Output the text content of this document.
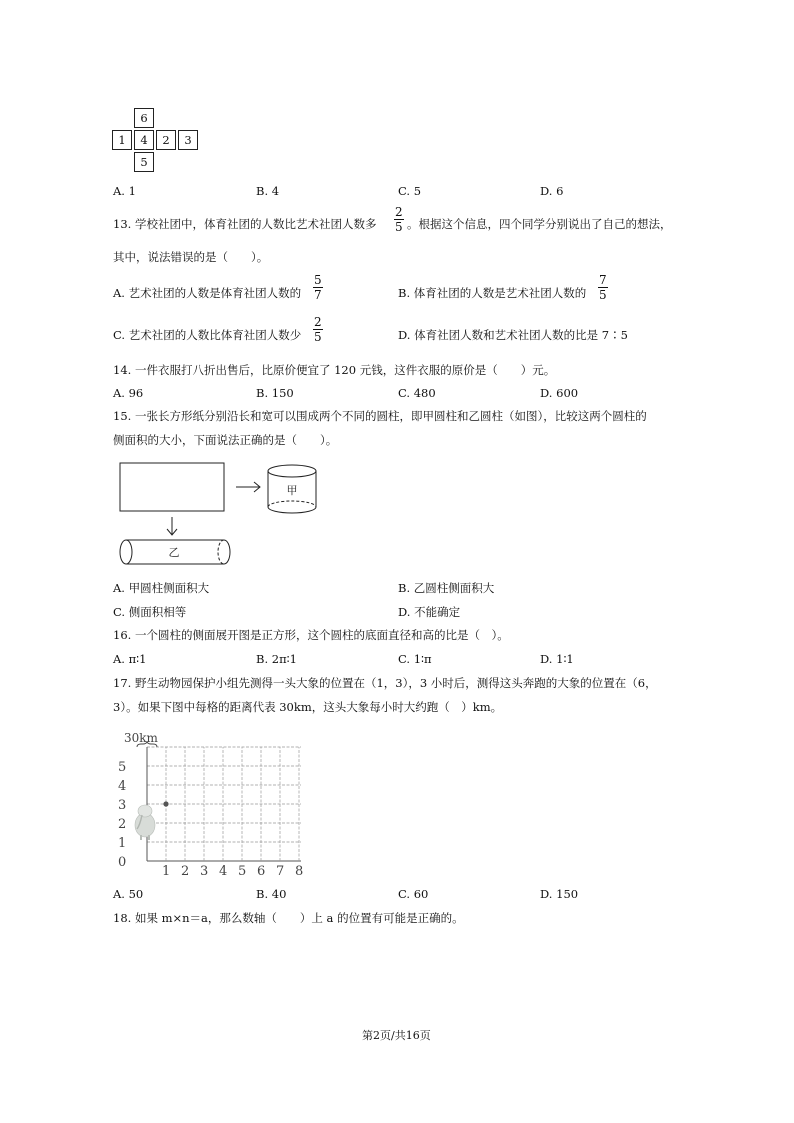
6
1	4	2	3
5
A. 1	B. 4	C. 5	D. 6
13. 学校社团中，体育社团的人数比艺术社团人数多 $\frac{2}{5}$ 。根据这个信息，四个同学分别说出了自己的想法，
其中，说法错误的是（　　）。
A. 艺术社团的人数是体育社团人数的 $\frac{5}{7}$	B. 体育社团的人数是艺术社团人数的 $\frac{7}{5}$
C. 艺术社团的人数比体育社团人数少 $\frac{2}{5}$	D. 体育社团人数和艺术社团人数的比是 7∶5
14. 一件衣服打八折出售后，比原价便宜了 120 元钱，这件衣服的原价是（　　）元。
A. 96	B. 150	C. 480	D. 600
15. 一张长方形纸分别沿长和宽可以围成两个不同的圆柱，即甲圆柱和乙圆柱（如图），比较这两个圆柱的
侧面积的大小，下面说法正确的是（　　）。
甲
乙
A. 甲圆柱侧面积大	B. 乙圆柱侧面积大
C. 侧面积相等	D. 不能确定
16. 一个圆柱的侧面展开图是正方形，这个圆柱的底面直径和高的比是（　）。
A. π∶1	B. 2π∶1	C. 1∶π	D. 1∶1
17. 野生动物园保护小组先测得一头大象的位置在（1，3），3 小时后，测得这头奔跑的大象的位置在（6，
3）。如果下图中每格的距离代表 30km，这头大象每小时大约跑（　）km。
30km
1 2 3 4 5 6 7 8
0
1
2
3
4
5
A. 50	B. 40	C. 60	D. 150
18. 如果 m×n＝a，那么数轴（　　）上 a 的位置有可能是正确的。
第2页/共16页
